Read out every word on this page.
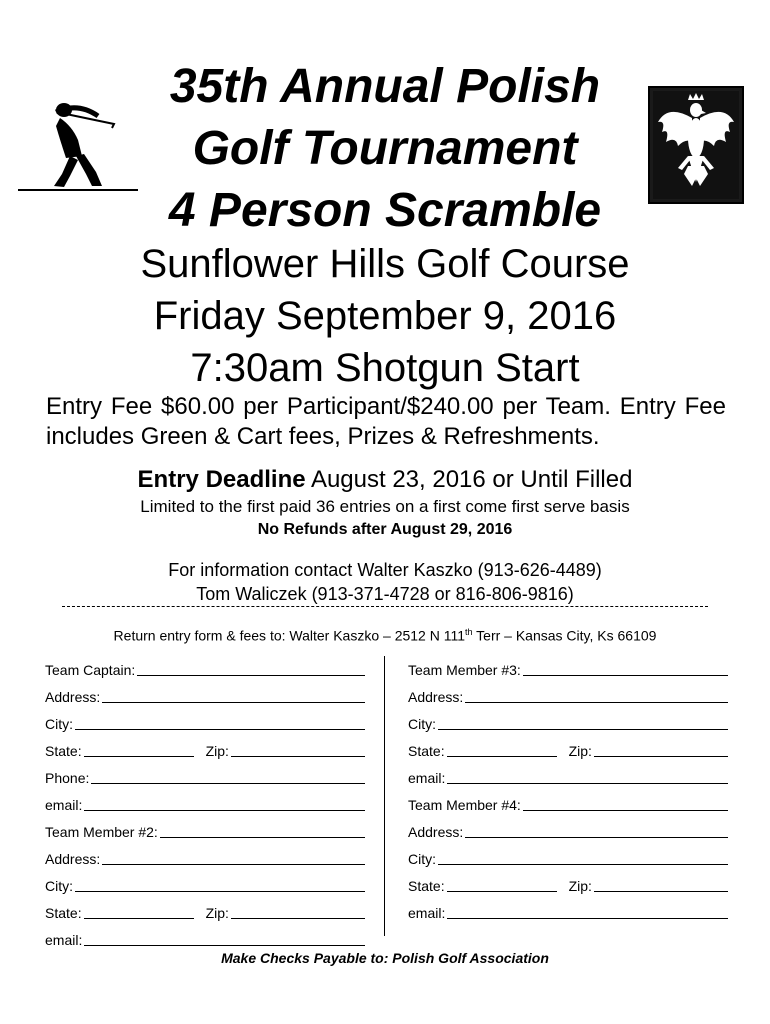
35th Annual Polish
Golf Tournament
4 Person Scramble
Sunflower Hills Golf Course
Friday September 9, 2016
7:30am Shotgun Start
Entry Fee $60.00 per Participant/$240.00 per Team. Entry Fee includes Green & Cart fees, Prizes & Refreshments.
Entry Deadline August 23, 2016 or Until Filled
Limited to the first paid 36 entries on a first come first serve basis
No Refunds after August 29, 2016
For information contact Walter Kaszko (913-626-4489)
Tom Waliczek (913-371-4728 or 816-806-9816)
Return entry form & fees to: Walter Kaszko – 2512 N 111th Terr – Kansas City, Ks 66109
Team Captain:
Address:
City:
State:	Zip:
Phone:
email:
Team Member #2:
Address:
City:
State:	Zip:
email:
Team Member #3:
Address:
City:
State:	Zip:
email:
Team Member #4:
Address:
City:
State:	Zip:
email:
Make Checks Payable to: Polish Golf Association
